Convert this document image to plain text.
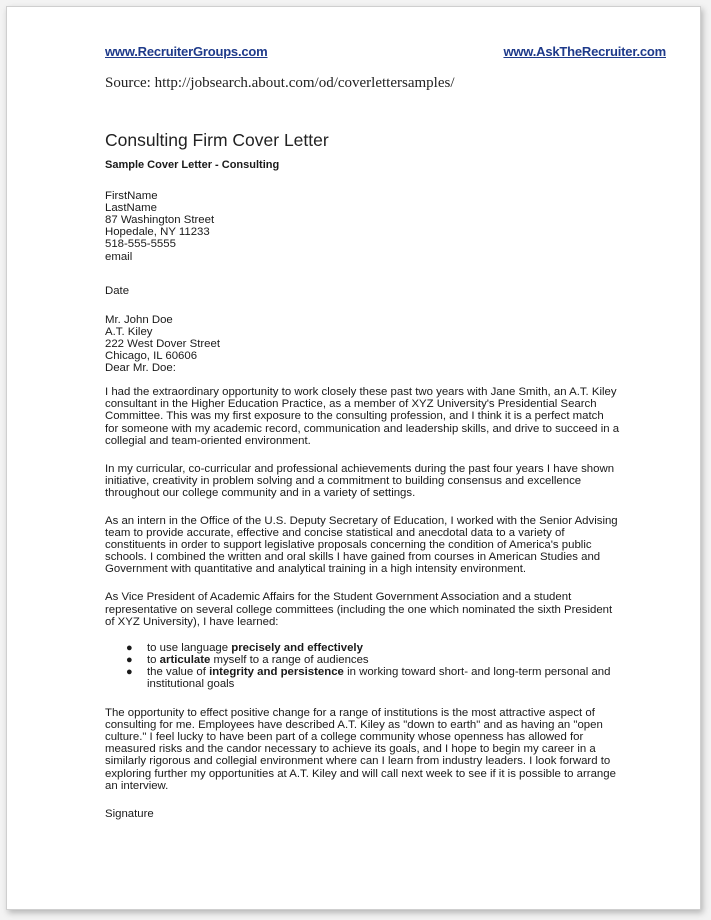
www.RecruiterGroups.com	www.AskTheRecruiter.com
Source: http://jobsearch.about.com/od/coverlettersamples/
Consulting Firm Cover Letter

Sample Cover Letter - Consulting

FirstName
LastName
87 Washington Street
Hopedale, NY 11233
518-555-5555
email

Date

Mr. John Doe
A.T. Kiley
222 West Dover Street
Chicago, IL 60606
Dear Mr. Doe:

I had the extraordinary opportunity to work closely these past two years with Jane Smith, an A.T. Kiley consultant in the Higher Education Practice, as a member of XYZ University's Presidential Search Committee. This was my first exposure to the consulting profession, and I think it is a perfect match for someone with my academic record, communication and leadership skills, and drive to succeed in a collegial and team-oriented environment.

In my curricular, co-curricular and professional achievements during the past four years I have shown initiative, creativity in problem solving and a commitment to building consensus and excellence throughout our college community and in a variety of settings.

As an intern in the Office of the U.S. Deputy Secretary of Education, I worked with the Senior Advising team to provide accurate, effective and concise statistical and anecdotal data to a variety of constituents in order to support legislative proposals concerning the condition of America's public schools. I combined the written and oral skills I have gained from courses in American Studies and Government with quantitative and analytical training in a high intensity environment.

As Vice President of Academic Affairs for the Student Government Association and a student representative on several college committees (including the one which nominated the sixth President of XYZ University), I have learned:

● to use language precisely and effectively
● to articulate myself to a range of audiences
● the value of integrity and persistence in working toward short- and long-term personal and institutional goals

The opportunity to effect positive change for a range of institutions is the most attractive aspect of consulting for me. Employees have described A.T. Kiley as "down to earth" and as having an "open culture." I feel lucky to have been part of a college community whose openness has allowed for measured risks and the candor necessary to achieve its goals, and I hope to begin my career in a similarly rigorous and collegial environment where can I learn from industry leaders. I look forward to exploring further my opportunities at A.T. Kiley and will call next week to see if it is possible to arrange an interview.

Signature
